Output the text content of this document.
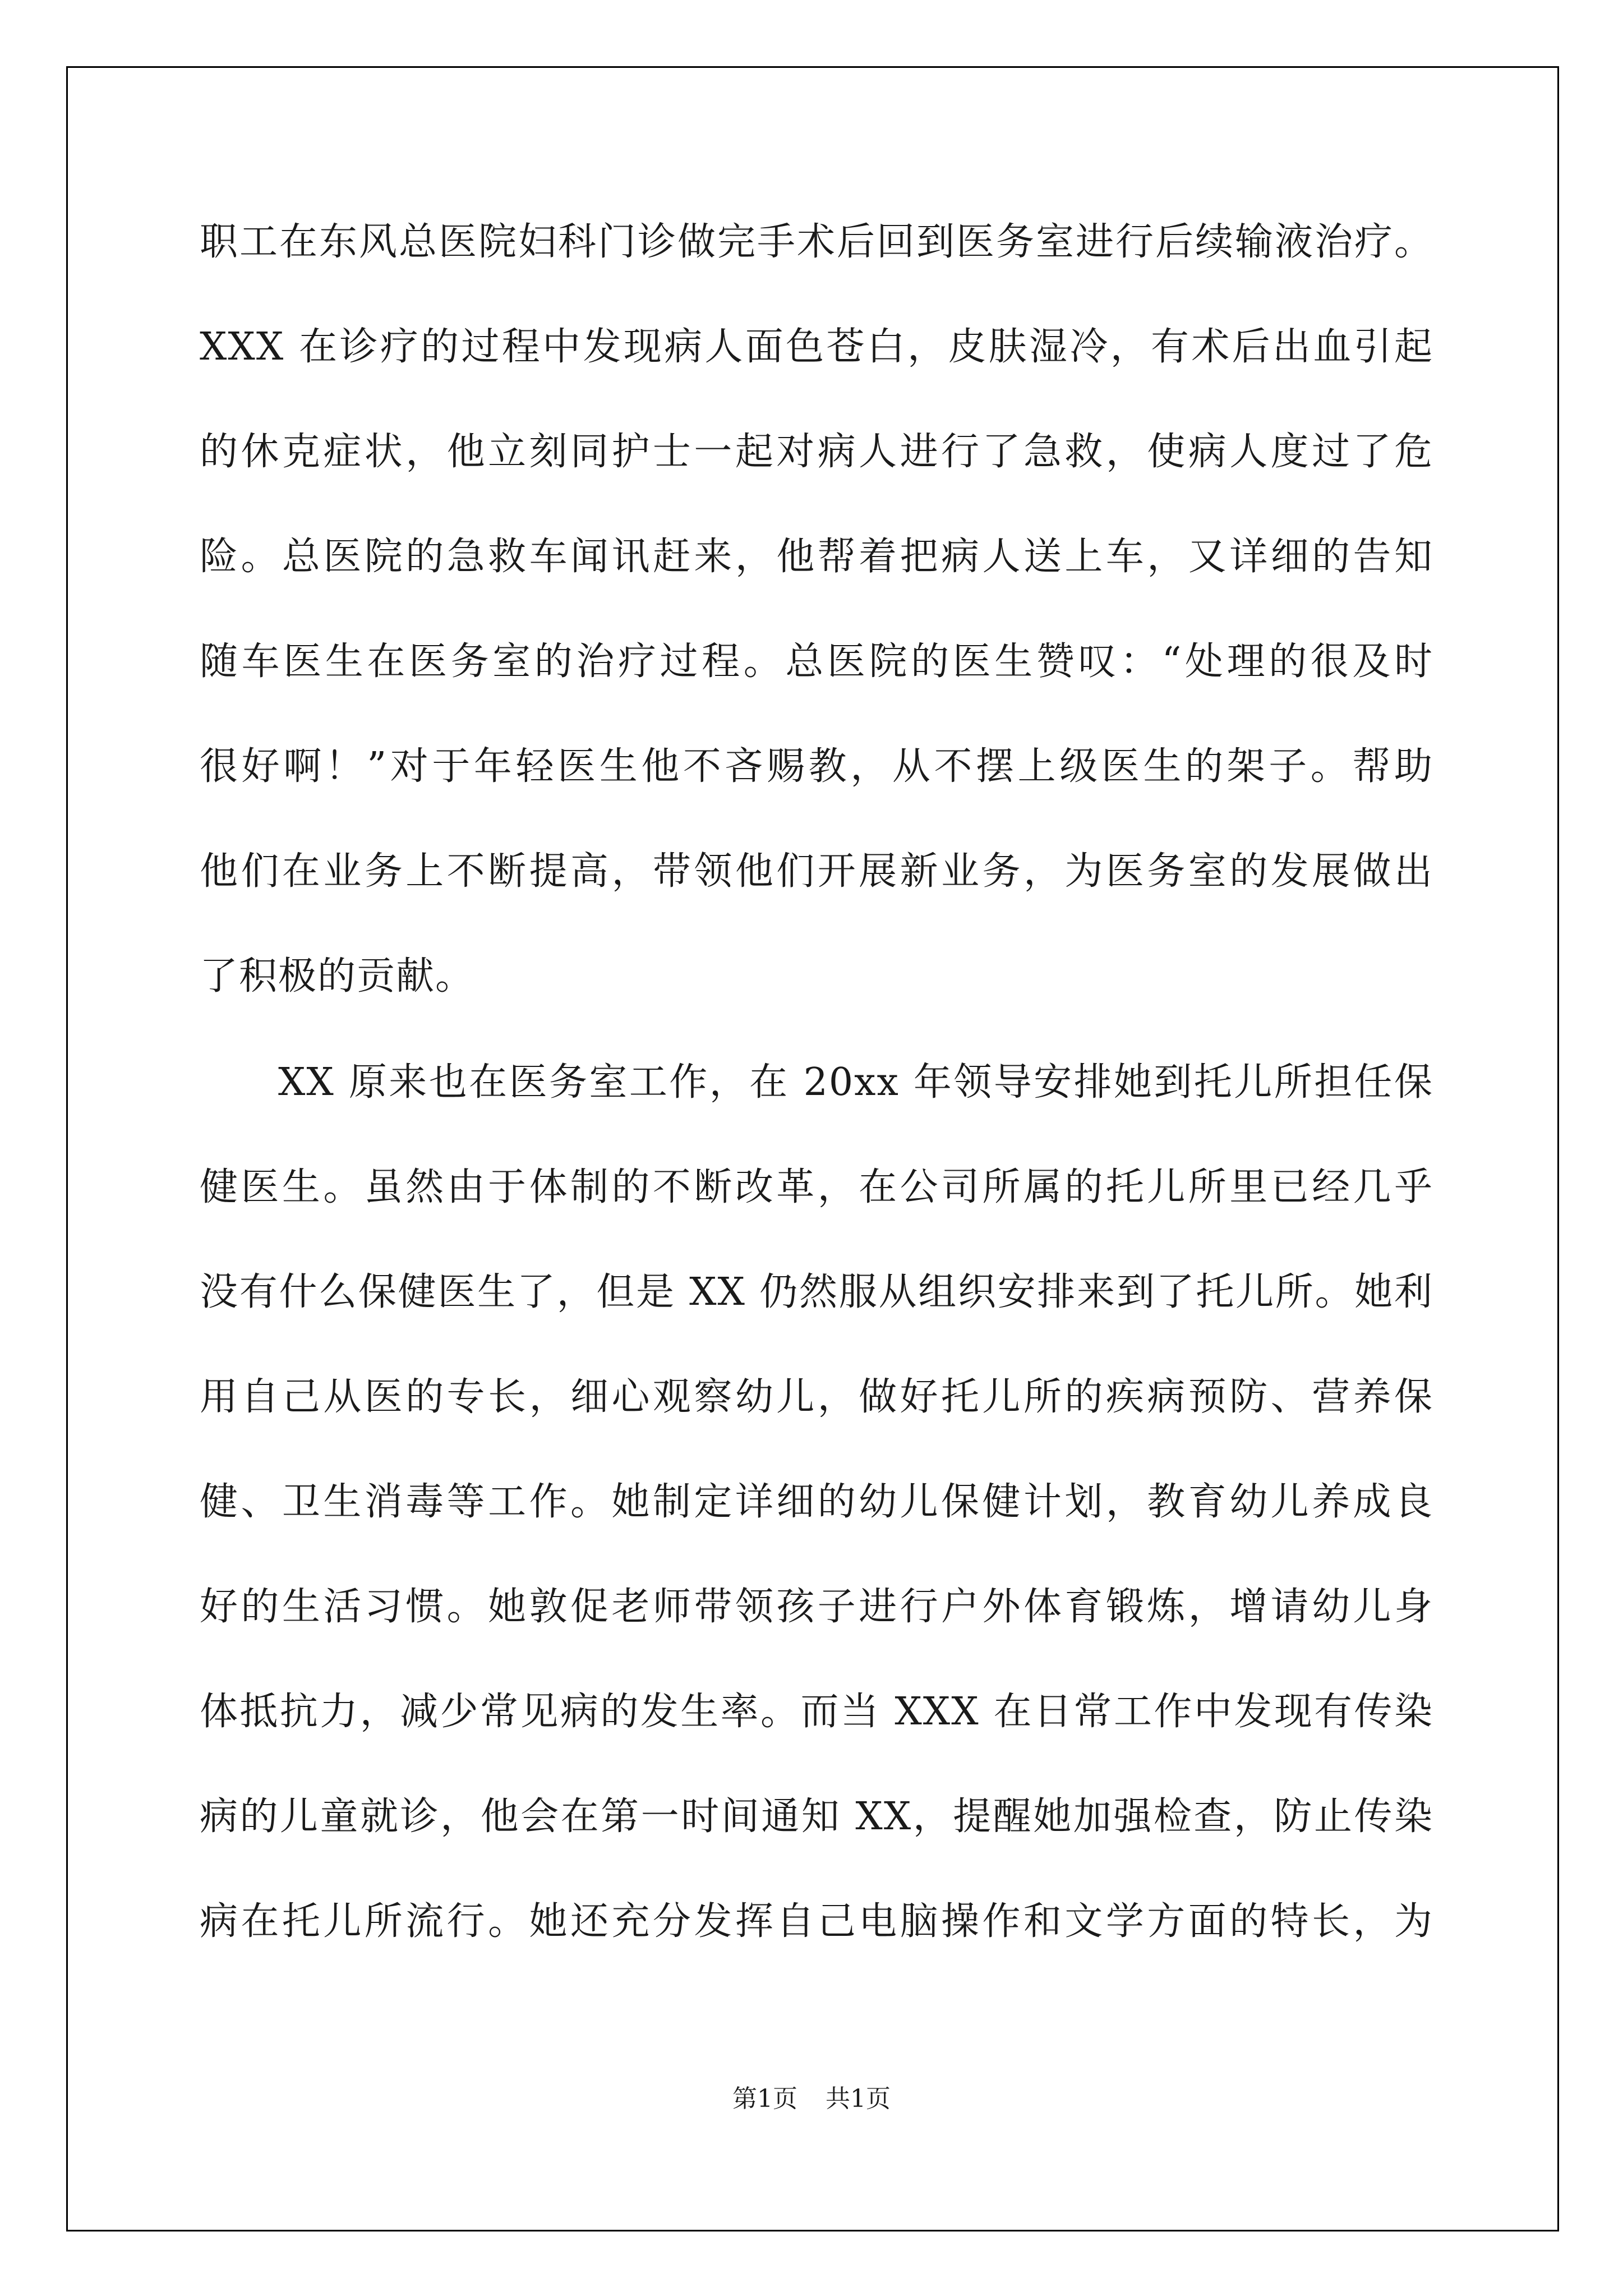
职工在东风总医院妇科门诊做完手术后回到医务室进行后续输液治疗。
XXX 在诊疗的过程中发现病人面色苍白，皮肤湿冷，有术后出血引起
的休克症状，他立刻同护士一起对病人进行了急救，使病人度过了危
险。总医院的急救车闻讯赶来，他帮着把病人送上车，又详细的告知
随车医生在医务室的治疗过程。总医院的医生赞叹：“处理的很及时
很好啊！”对于年轻医生他不吝赐教，从不摆上级医生的架子。帮助
他们在业务上不断提高，带领他们开展新业务，为医务室的发展做出
了积极的贡献。
XX 原来也在医务室工作，在 20xx 年领导安排她到托儿所担任保
健医生。虽然由于体制的不断改革，在公司所属的托儿所里已经几乎
没有什么保健医生了，但是 XX 仍然服从组织安排来到了托儿所。她利
用自己从医的专长，细心观察幼儿，做好托儿所的疾病预防、营养保
健、卫生消毒等工作。她制定详细的幼儿保健计划，教育幼儿养成良
好的生活习惯。她敦促老师带领孩子进行户外体育锻炼，增请幼儿身
体抵抗力，减少常见病的发生率。而当 XXX 在日常工作中发现有传染
病的儿童就诊，他会在第一时间通知 XX，提醒她加强检查，防止传染
病在托儿所流行。她还充分发挥自己电脑操作和文学方面的特长，为
第1页 共1页
